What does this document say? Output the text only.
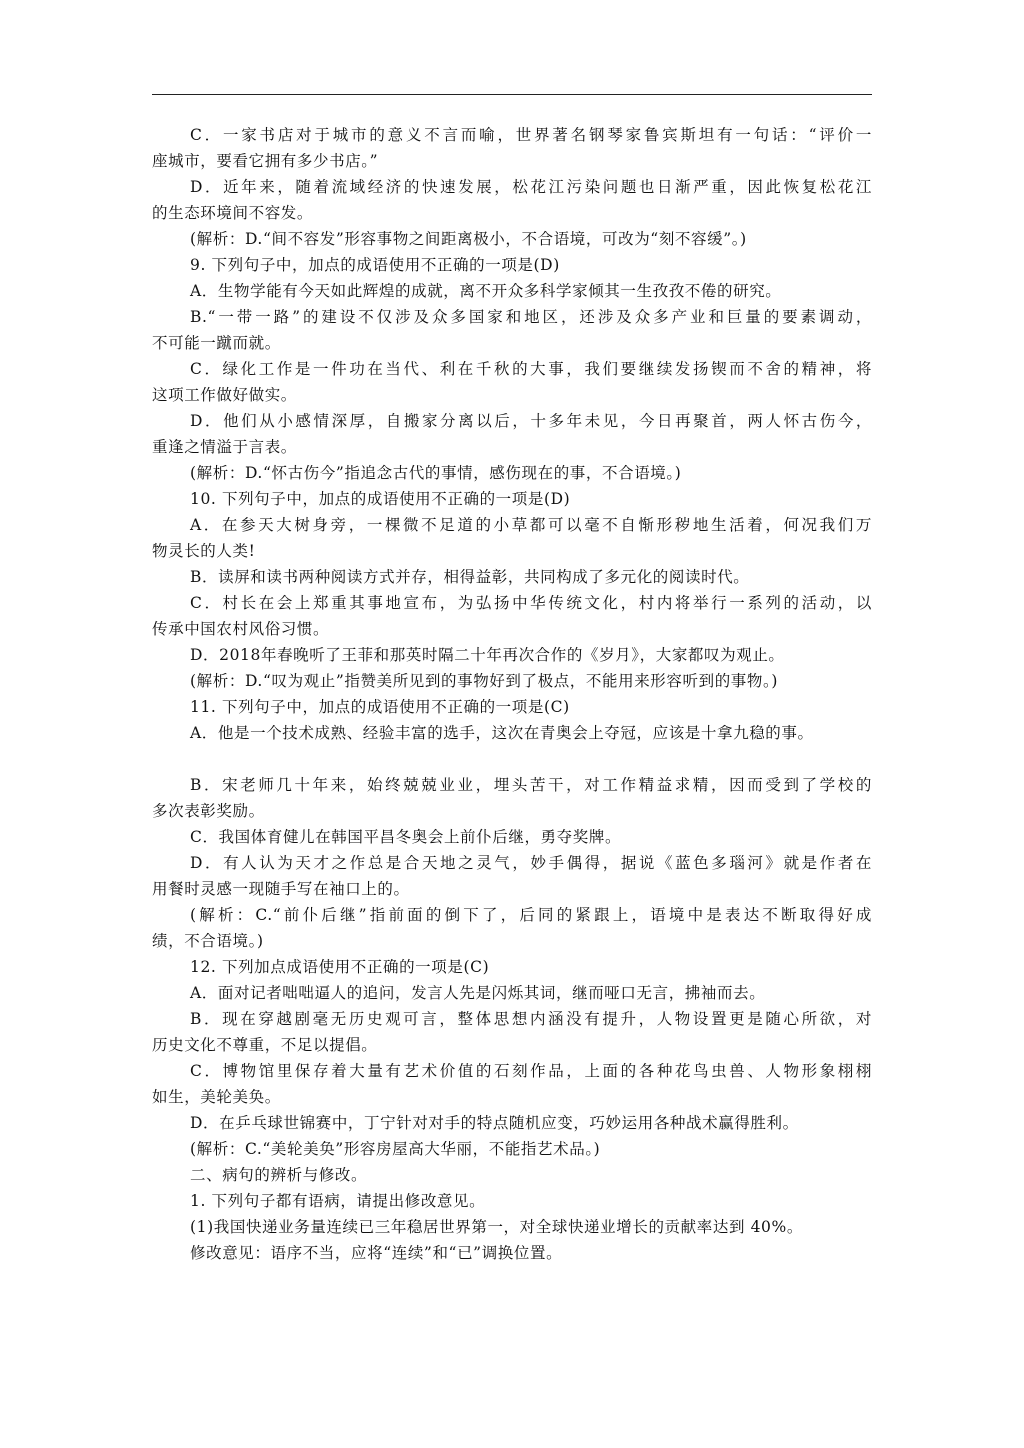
C．一家书店对于城市的意义不言而喻，世界著名钢琴家鲁宾斯坦有一句话：“评价一
座城市，要看它拥有多少书店。”
D．近年来，随着流域经济的快速发展，松花江污染问题也日渐严重，因此恢复松花江
的生态环境间不容发。
(解析：D.“间不容发”形容事物之间距离极小，不合语境，可改为“刻不容缓”。)
9. 下列句子中，加点的成语使用不正确的一项是(D)
A．生物学能有今天如此辉煌的成就，离不开众多科学家倾其一生孜孜不倦的研究。
B.“一带一路”的建设不仅涉及众多国家和地区，还涉及众多产业和巨量的要素调动，
不可能一蹴而就。
C．绿化工作是一件功在当代、利在千秋的大事，我们要继续发扬锲而不舍的精神，将
这项工作做好做实。
D．他们从小感情深厚，自搬家分离以后，十多年未见，今日再聚首，两人怀古伤今，
重逢之情溢于言表。
(解析：D.“怀古伤今”指追念古代的事情，感伤现在的事，不合语境。)
10. 下列句子中，加点的成语使用不正确的一项是(D)
A．在参天大树身旁，一棵微不足道的小草都可以毫不自惭形秽地生活着，何况我们万
物灵长的人类!
B．读屏和读书两种阅读方式并存，相得益彰，共同构成了多元化的阅读时代。
C．村长在会上郑重其事地宣布，为弘扬中华传统文化，村内将举行一系列的活动，以
传承中国农村风俗习惯。
D．2018年春晚听了王菲和那英时隔二十年再次合作的《岁月》，大家都叹为观止。
(解析：D.“叹为观止”指赞美所见到的事物好到了极点，不能用来形容听到的事物。)
11. 下列句子中，加点的成语使用不正确的一项是(C)
A．他是一个技术成熟、经验丰富的选手，这次在青奥会上夺冠，应该是十拿九稳的事。
B．宋老师几十年来，始终兢兢业业，埋头苦干，对工作精益求精，因而受到了学校的
多次表彰奖励。
C．我国体育健儿在韩国平昌冬奥会上前仆后继，勇夺奖牌。
D．有人认为天才之作总是合天地之灵气，妙手偶得，据说《蓝色多瑙河》就是作者在
用餐时灵感一现随手写在袖口上的。
(解析：C.“前仆后继”指前面的倒下了，后同的紧跟上，语境中是表达不断取得好成
绩，不合语境。)
12. 下列加点成语使用不正确的一项是(C)
A．面对记者咄咄逼人的追问，发言人先是闪烁其词，继而哑口无言，拂袖而去。
B．现在穿越剧毫无历史观可言，整体思想内涵没有提升，人物设置更是随心所欲，对
历史文化不尊重，不足以提倡。
C．博物馆里保存着大量有艺术价值的石刻作品，上面的各种花鸟虫兽、人物形象栩栩
如生，美轮美奂。
D．在乒乓球世锦赛中，丁宁针对对手的特点随机应变，巧妙运用各种战术赢得胜利。
(解析：C.“美轮美奂”形容房屋高大华丽，不能指艺术品。)
二、病句的辨析与修改。
1. 下列句子都有语病，请提出修改意见。
(1)我国快递业务量连续已三年稳居世界第一，对全球快递业增长的贡献率达到 40%。
修改意见：语序不当，应将“连续”和“已”调换位置。
